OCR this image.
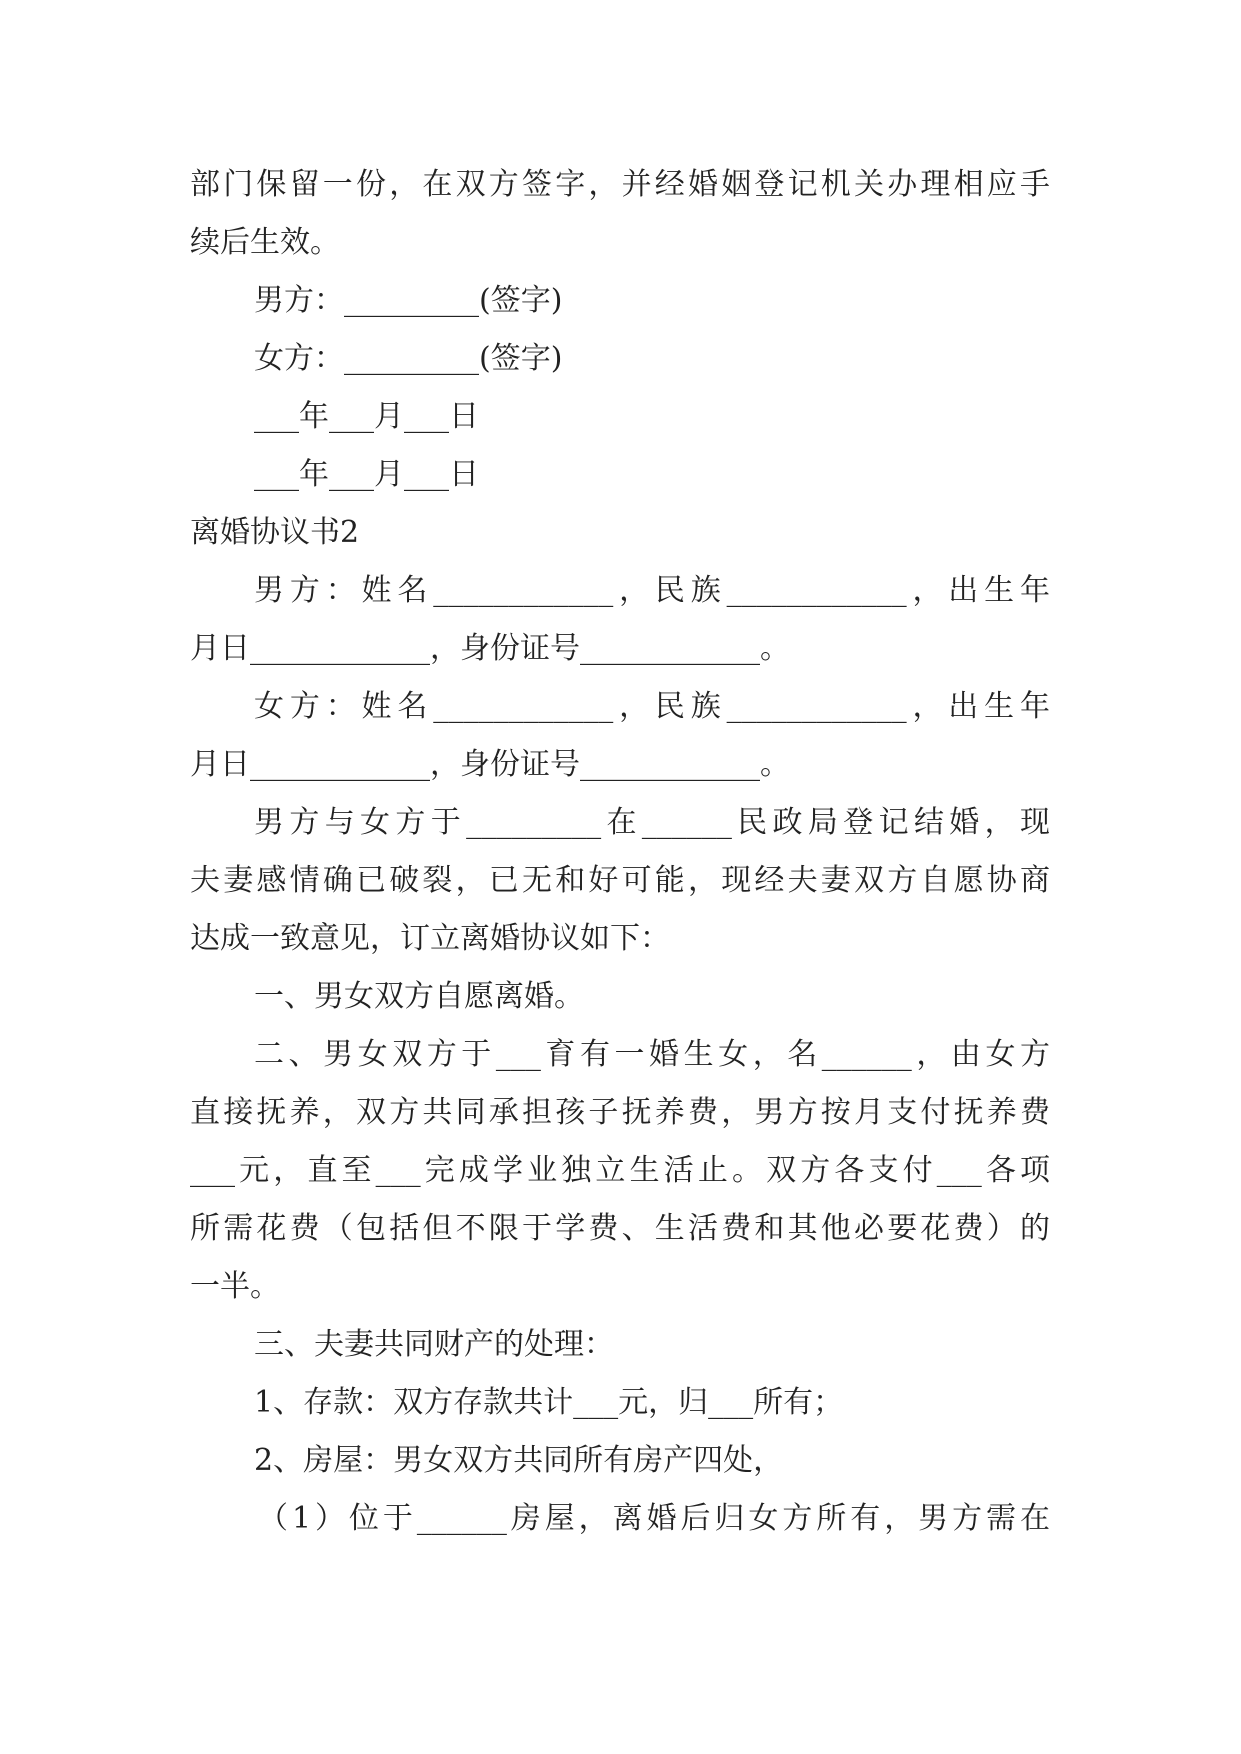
部门保留一份，在双方签字，并经婚姻登记机关办理相应手
续后生效。
男方：_________(签字)
女方：_________(签字)
___年___月___日
___年___月___日
离婚协议书2
男方：姓名____________，民族____________，出生年
月日____________，身份证号____________。
女方：姓名____________，民族____________，出生年
月日____________，身份证号____________。
男方与女方于_________在______民政局登记结婚，现
夫妻感情确已破裂，已无和好可能，现经夫妻双方自愿协商
达成一致意见，订立离婚协议如下：
一、男女双方自愿离婚。
二、男女双方于___育有一婚生女，名______，由女方
直接抚养，双方共同承担孩子抚养费，男方按月支付抚养费
___元，直至___完成学业独立生活止。双方各支付___各项
所需花费（包括但不限于学费、生活费和其他必要花费）的
一半。
三、夫妻共同财产的处理：
1、存款：双方存款共计___元，归___所有；
2、房屋：男女双方共同所有房产四处，
（1）位于______房屋，离婚后归女方所有，男方需在
